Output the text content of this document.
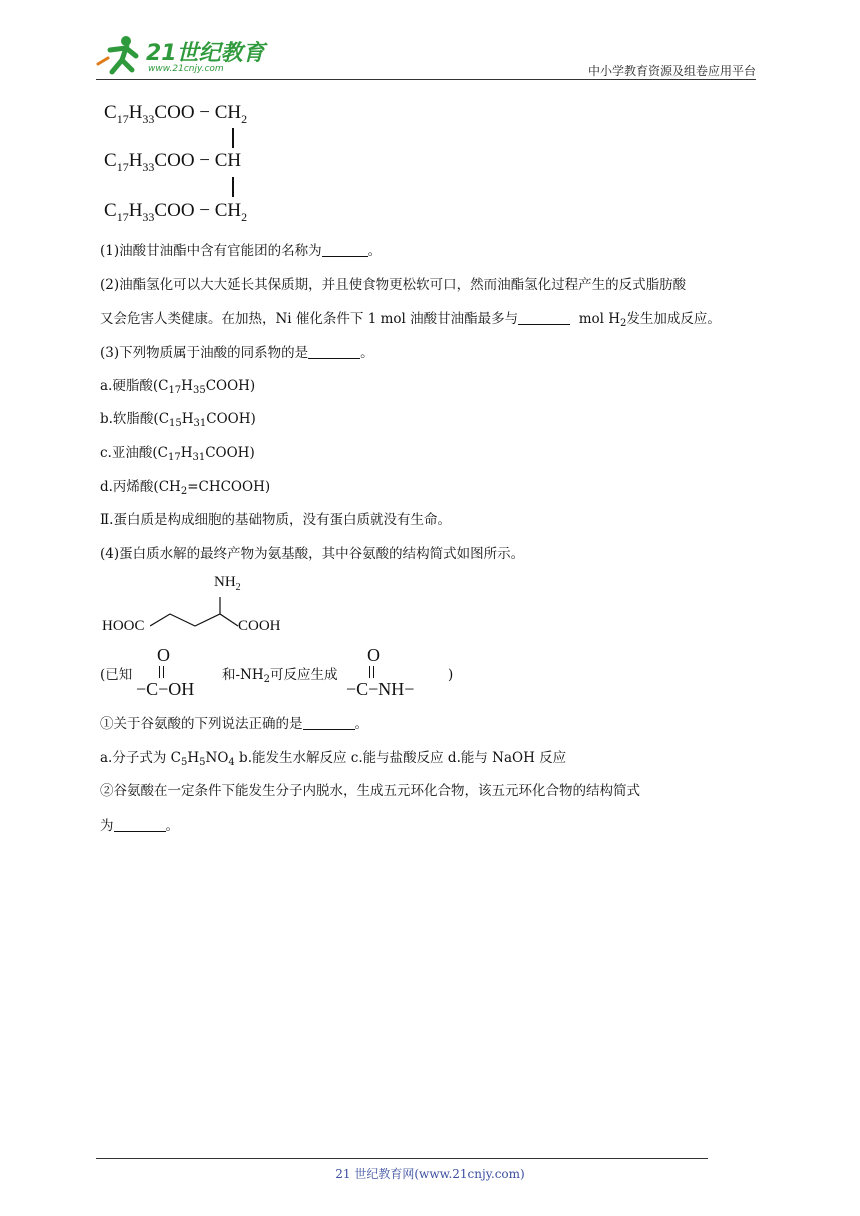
21世纪教育
www.21cnjy.com	中小学教育资源及组卷应用平台
$C_{17}H_{33}COO - CH_2$
$C_{17}H_{33}COO$ − CH
$C_{17}H_{33}COO - CH_2$
(1)油酸甘油酯中含有官能团的名称为	。
(2)油酯氢化可以大大延长其保质期，并且使食物更松软可口，然而油酯氢化过程产生的反式脂肪酸
又会危害人类健康。在加热，Ni 催化条件下 1 mol 油酸甘油酯最多与	mol $H_2$发生加成反应。
(3)下列物质属于油酸的同系物的是	。
a.硬脂酸$(C_{17}H_{35}COOH)$
b.软脂酸$(C_{15}H_{31}COOH)$
c.亚油酸$(C_{17}H_{31}COOH)$
d.丙烯酸$(CH_2=CHCOOH)$
Ⅱ.蛋白质是构成细胞的基础物质，没有蛋白质就没有生命。
(4)蛋白质水解的最终产物为氨基酸，其中谷氨酸的结构简式如图所示。
$NH_2$
HOOC	COOH
(已知
O
−C−OH
和$-NH_2$可反应生成
O
−C−NH−
)
①关于谷氨酸的下列说法正确的是	。
a.分子式为 $C_5H_5NO_4$ b.能发生水解反应 c.能与盐酸反应 d.能与 NaOH 反应
②谷氨酸在一定条件下能发生分子内脱水，生成五元环化合物，该五元环化合物的结构简式
为	。
21 世纪教育网(www.21cnjy.com)
